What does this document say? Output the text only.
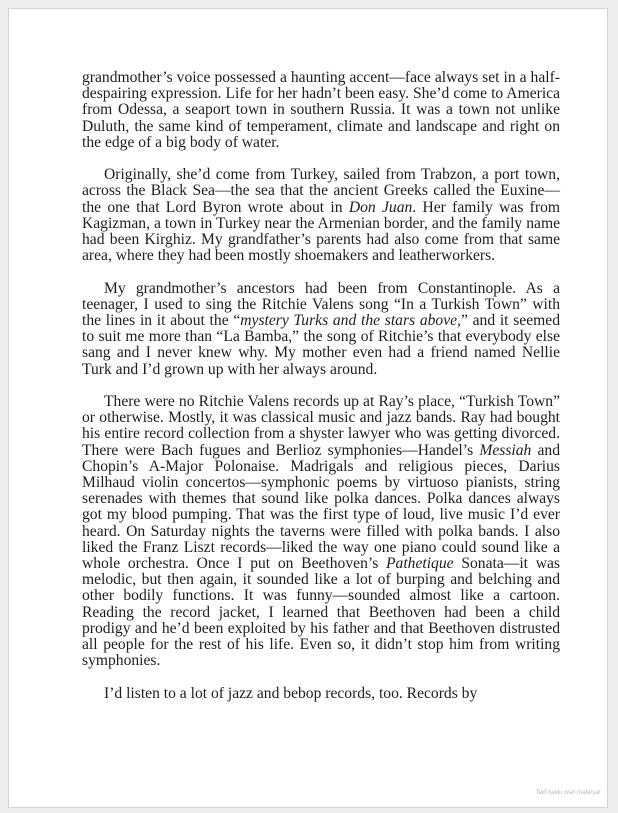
grandmother’s voice possessed a haunting accent—face always set in a half-despairing expression. Life for her hadn’t been easy. She’d come to America from Odessa, a seaport town in southern Russia. It was a town not unlike Duluth, the same kind of temperament, climate and landscape and right on the edge of a big body of water.

Originally, she’d come from Turkey, sailed from Trabzon, a port town, across the Black Sea—the sea that the ancient Greeks called the Euxine—the one that Lord Byron wrote about in Don Juan. Her family was from Kagizman, a town in Turkey near the Armenian border, and the family name had been Kirghiz. My grandfather’s parents had also come from that same area, where they had been mostly shoemakers and leatherworkers.

My grandmother’s ancestors had been from Constantinople. As a teenager, I used to sing the Ritchie Valens song “In a Turkish Town” with the lines in it about the “mystery Turks and the stars above,” and it seemed to suit me more than “La Bamba,” the song of Ritchie’s that everybody else sang and I never knew why. My mother even had a friend named Nellie Turk and I’d grown up with her always around.

There were no Ritchie Valens records up at Ray’s place, “Turkish Town” or otherwise. Mostly, it was classical music and jazz bands. Ray had bought his entire record collection from a shyster lawyer who was getting divorced. There were Bach fugues and Berlioz symphonies—Handel’s Messiah and Chopin’s A-Major Polonaise. Madrigals and religious pieces, Darius Milhaud violin concertos—symphonic poems by virtuoso pianists, string serenades with themes that sound like polka dances. Polka dances always got my blood pumping. That was the first type of loud, live music I’d ever heard. On Saturday nights the taverns were filled with polka bands. I also liked the Franz Liszt records—liked the way one piano could sound like a whole orchestra. Once I put on Beethoven’s Pathetique Sonata—it was melodic, but then again, it sounded like a lot of burping and belching and other bodily functions. It was funny—sounded almost like a cartoon. Reading the record jacket, I learned that Beethoven had been a child prodigy and he’d been exploited by his father and that Beethoven distrusted all people for the rest of his life. Even so, it didn’t stop him from writing symphonies.

I’d listen to a lot of jazz and bebop records, too. Records by

Telif hakkı olan materyal
